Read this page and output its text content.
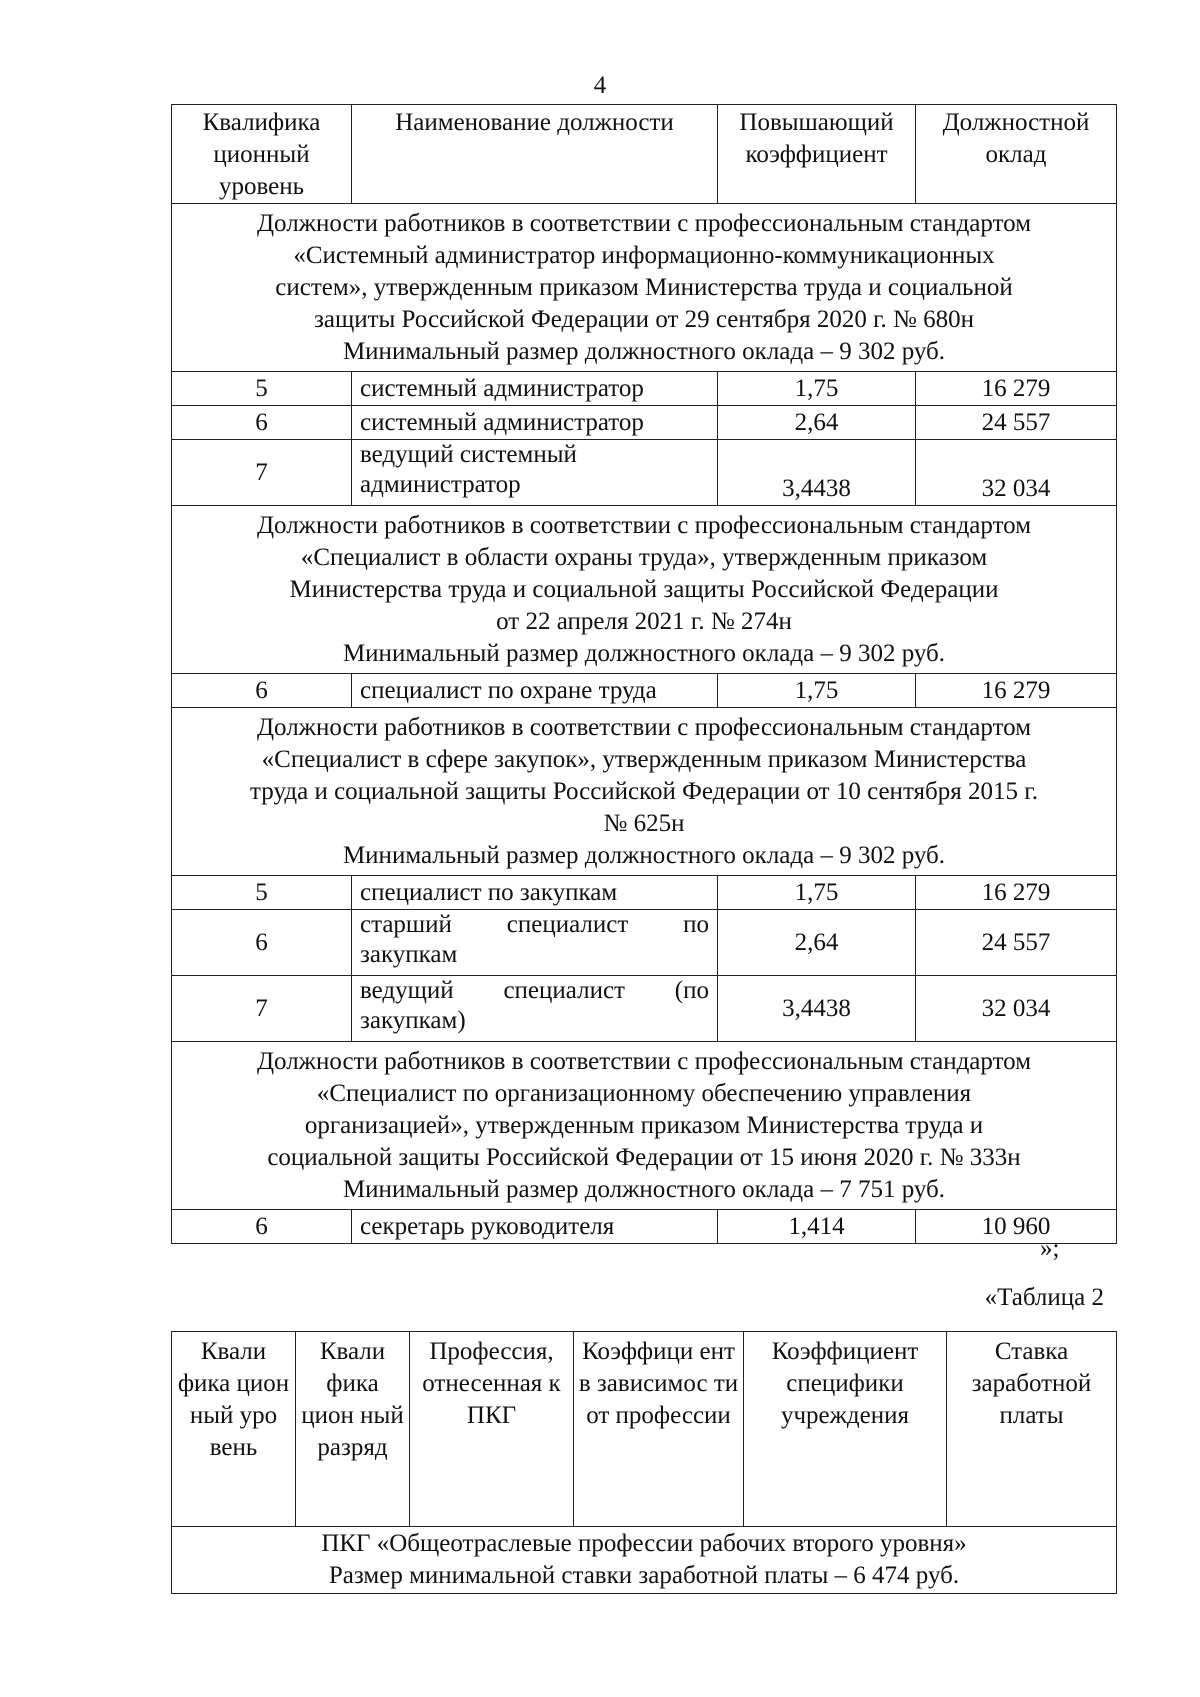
4
Квалифика ционный уровень	Наименование должности	Повышающий коэффициент	Должностной оклад

Должности работников в соответствии с профессиональным стандартом
«Системный администратор информационно-коммуникационных
систем», утвержденным приказом Министерства труда и социальной
защиты Российской Федерации от 29 сентября 2020 г. № 680н
Минимальный размер должностного оклада – 9 302 руб.			

5	системный администратор	1,75	16 279
6	системный администратор	2,64	24 557
7	ведущий системный администратор	3,4438	32 034

Должности работников в соответствии с профессиональным стандартом
«Специалист в области охраны труда», утвержденным приказом
Министерства труда и социальной защиты Российской Федерации
от 22 апреля 2021 г. № 274н
Минимальный размер должностного оклада – 9 302 руб.			

6	специалист по охране труда	1,75	16 279

Должности работников в соответствии с профессиональным стандартом
«Специалист в сфере закупок», утвержденным приказом Министерства
труда и социальной защиты Российской Федерации от 10 сентября 2015 г.
№ 625н
Минимальный размер должностного оклада – 9 302 руб.			

5	специалист по закупкам	1,75	16 279
6	старший специалист по закупкам	2,64	24 557
7	ведущий специалист (по закупкам)	3,4438	32 034

Должности работников в соответствии с профессиональным стандартом
«Специалист по организационному обеспечению управления
организацией», утвержденным приказом Министерства труда и
социальной защиты Российской Федерации от 15 июня 2020 г. № 333н
Минимальный размер должностного оклада – 7 751 руб.			

6	секретарь руководителя	1,414	10 960
»;
«Таблица 2
Квали фика цион ный уро вень	Квали фика цион ный разряд	Профессия, отнесенная к ПКГ	Коэффици ент в зависимос ти от профессии	Коэффициент специфики учреждения	Ставка заработной платы

ПКГ «Общеотраслевые профессии рабочих второго уровня»
Размер минимальной ставки заработной платы – 6 474 руб.
